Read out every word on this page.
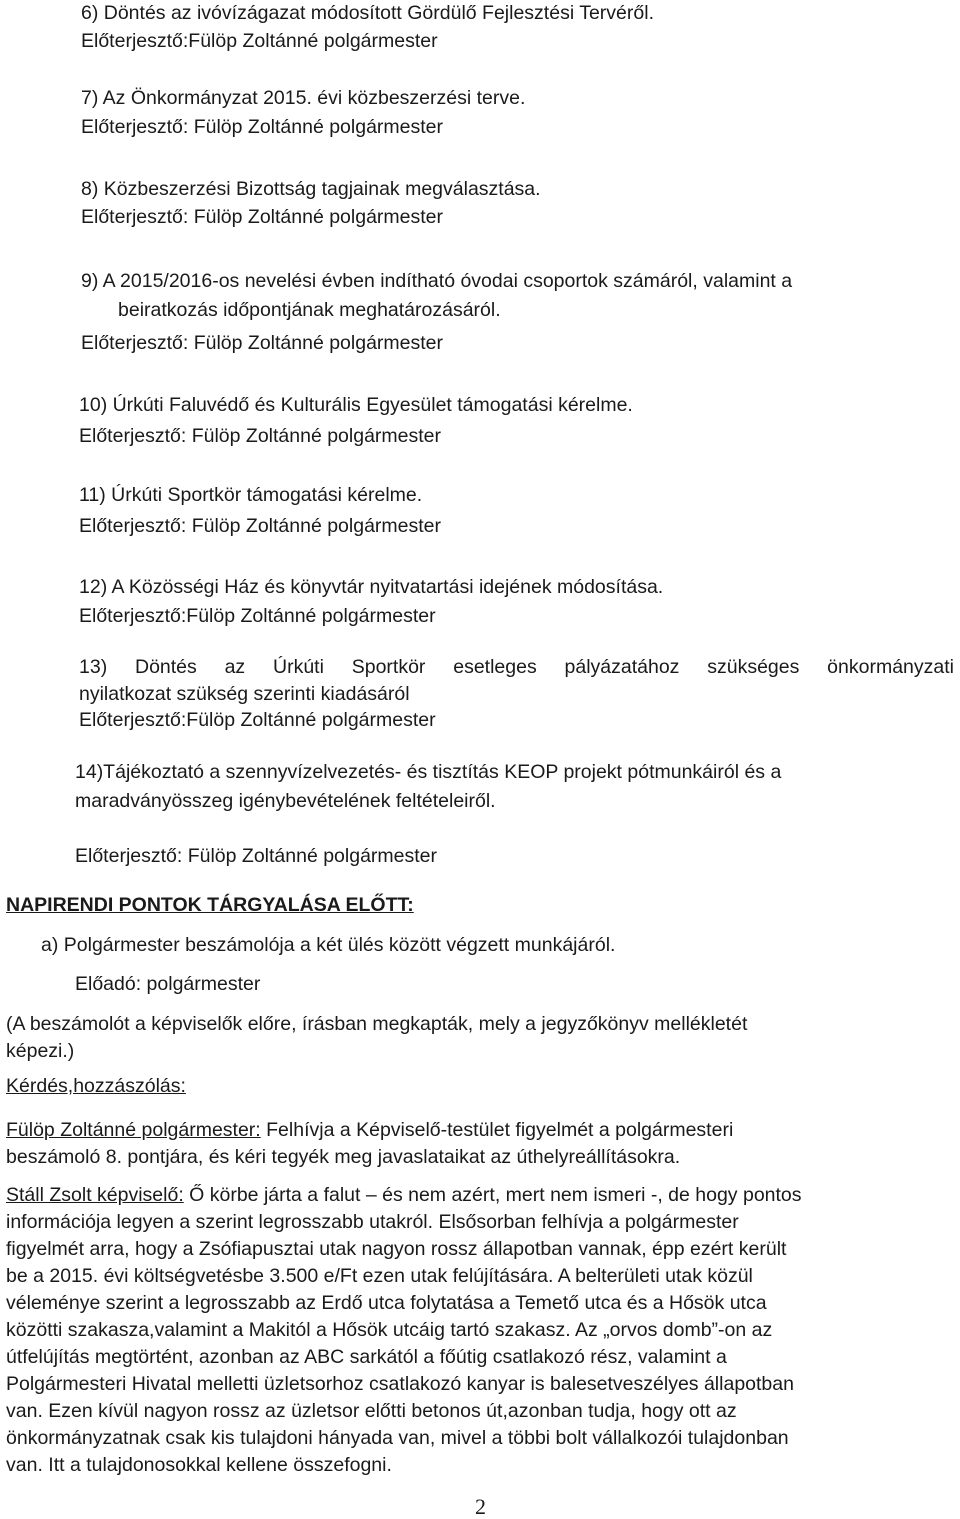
6) Döntés az ivóvízágazat módosított Gördülő Fejlesztési Tervéről.
Előterjesztő:Fülöp Zoltánné polgármester
7) Az Önkormányzat 2015. évi közbeszerzési terve.
Előterjesztő: Fülöp Zoltánné polgármester
8) Közbeszerzési Bizottság tagjainak megválasztása.
Előterjesztő: Fülöp Zoltánné polgármester
9) A 2015/2016-os nevelési évben indítható óvodai csoportok számáról, valamint a
beiratkozás időpontjának meghatározásáról.
Előterjesztő: Fülöp Zoltánné polgármester
10) Úrkúti Faluvédő és Kulturális Egyesület támogatási kérelme.
Előterjesztő: Fülöp Zoltánné polgármester
11) Úrkúti Sportkör támogatási kérelme.
Előterjesztő: Fülöp Zoltánné polgármester
12) A Közösségi Ház és könyvtár nyitvatartási idejének módosítása.
Előterjesztő:Fülöp Zoltánné polgármester
13) Döntés az Úrkúti Sportkör esetleges pályázatához szükséges önkormányzati
nyilatkozat szükség szerinti kiadásáról
Előterjesztő:Fülöp Zoltánné polgármester
14)Tájékoztató a szennyvízelvezetés- és tisztítás KEOP projekt pótmunkáiról és a
maradványösszeg igénybevételének feltételeiről.
Előterjesztő: Fülöp Zoltánné polgármester
NAPIRENDI PONTOK TÁRGYALÁSA ELŐTT:
a) Polgármester beszámolója a két ülés között végzett munkájáról.
Előadó: polgármester
(A beszámolót a képviselők előre, írásban megkapták, mely a jegyzőkönyv mellékletét
képezi.)
Kérdés,hozzászólás:
Fülöp Zoltánné polgármester: Felhívja a Képviselő-testület figyelmét a polgármesteri
beszámoló 8. pontjára, és kéri tegyék meg javaslataikat az úthelyreállításokra.
Stáll Zsolt képviselő: Ő körbe járta a falut – és nem azért, mert nem ismeri -, de hogy pontos
információja legyen a szerint legrosszabb utakról. Elsősorban felhívja a polgármester
figyelmét arra, hogy a Zsófiapusztai utak nagyon rossz állapotban vannak, épp ezért került
be a 2015. évi költségvetésbe 3.500 e/Ft ezen utak felújítására. A belterületi utak közül
véleménye szerint a legrosszabb az Erdő utca folytatása a Temető utca és a Hősök utca
közötti szakasza,valamint a Makitól a Hősök utcáig tartó szakasz. Az „orvos domb”-on az
útfelújítás megtörtént, azonban az ABC sarkától a főútig csatlakozó rész, valamint a
Polgármesteri Hivatal melletti üzletsorhoz csatlakozó kanyar is balesetveszélyes állapotban
van. Ezen kívül nagyon rossz az üzletsor előtti betonos út,azonban tudja, hogy ott az
önkormányzatnak csak kis tulajdoni hányada van, mivel a többi bolt vállalkozói tulajdonban
van. Itt a tulajdonosokkal kellene összefogni.
2
